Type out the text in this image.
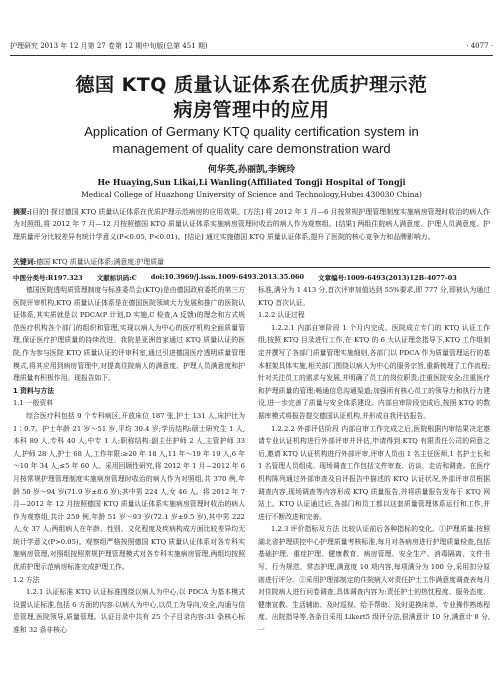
护理研究 2013 年 12 月第 27 卷第 12 期中旬版(总第 451 期)	· 4077 ·
德国 KTQ 质量认证体系在优质护理示范
病房管理中的应用
Application of Germany KTQ quality certification system in
management of quality care demonstration ward
何华英,孙丽凯,李婉玲
He Huaying,Sun Likai,Li Wanling(Affiliated Tongji Hospital of Tongji
Medical College of Huazhong University of Science and Technology,Hubei 430030 China)
摘要:[目的] 探讨德国 KTQ 质量认证体系在优质护理示范病房的应用效果。[方法] 将 2012 年 1 月—6 月按常规护理管理制度实施病房管理时收治的病人作为对照组,将 2012 年 7 月—12 月按照德国 KTQ 质量认证体系实施病房管理时收治的病人作为观察组。[结果] 两组住院病人满意度、护理人员满意度、护理质量评分比较差异有统计学意义(P<0.05, P<0.01)。[结论] 通过实施德国 KTQ 质量认证体系,提升了医院的核心竞争力和品牌影响力。
关键词:德国 KTQ 质量认证体系;满意度;护理质量
中图分类号:R197.323 文献标识码:C doi:10.3969/j.issn.1009-6493.2013.35.060 文章编号:1009-6493(2013)12B-4077-03

德国医院透明质管理制度与标准委员会(KTQ)是由德国政府委托的第三方医院评审机构,KTQ 质量认证体系是在德国医院领域大力发展和推广的医院认证体系,其实质就是以 PDCA(P 计划,D 实施,C 检查,A 反馈)的理念和方式规范医疗机构各个部门的组织和管理,实现以病人为中心的医疗机构全面质量管理,保证医疗护理质量的持续改进。我院是亚洲首家通过 KTQ 质量认证的医院,作为参与医院 KTQ 质量认证的评审科室,通过引进德国医疗透明质量管理模式,将其应用到病房管理中,对提高住院病人的满意度、护理人员满意度和护理质量有积极作用。现报告如下。

1 资料与方法

1.1 一般资料

综合医疗科包括 9 个专科病区,开放床位 187 张,护士 131 人,床护比为 1∶0.7。护士年龄 21 岁～51 岁,平均 30.4 岁;学历结构:硕士研究生 1 人,本科 89 人,专科 40 人,中专 1 人;职称结构:副主任护师 2 人,主管护师 33 人,护师 28 人,护士 68 人,工作年限:≥20 年 18 人,11 年～19 年 19 人,6 年～10 年 34 人,≤5 年 60 人。采用回顾性研究,将 2012 年 1 月—2012 年 6 月按常规护理管理制度实施病房管理时收治的病人作为对照组,共 370 例,年龄 50 岁～94 岁(71.9 岁±8.6 岁);其中男 224 人,女 46 人。将 2012 年 7 月—2012 年 12 月按照德国 KTQ 质量认证体系实施病房管理时收治的病人作为观察组,共计 259 例,年龄 51 岁～93 岁(72.1 岁±9.5 岁),其中男 222 人,女 37 人;两组病人在年龄、性别、文化程度及疾病构成方面比较差异均无统计学意义(P>0.05)。观察组严格按照德国 KTQ 质量认证体系对各专科实施病房管理,对照组按照常规护理管理模式对各专科实施病房管理,两组均按照优质护理示范病房标准完成护理工作。

1.2 方法

1.2.1 认证标准 KTQ 认证标准围绕以病人为中心,以 PDCA 为基本模式设置认证标准,包括 6 方面的内容:以病人为中心,以员工为导向,安全,沟通与信息管理,医院领导,质量管理。认证目录中共有 25 个子目录内容:31 条核心标准和 32 条非核心

标准,满分为 1 413 分,首次评审加值达到 55%要求,即 777 分,即被认为通过 KTQ 首次认证。

1.2.2 认证过程

1.2.2.1 内部自审阶段 1 个月内完成。医院成立专门的 KTQ 认证工作组,按照 KTQ 目录进行工作,在 KTQ 的 6 大认证理念指导下,KTQ 工作组制定并撰写了各部门质量管理实施细则,各部门以 PDCA 作为质量管理运行的基本框架具体实施,相关部门围绕以病人为中心的服务宗旨,重新梳理了工作流程;针对关注员工的需求与发展,并明确了员工的岗位职责;注重医院安全;注重医疗和护理质量的管理;畅通信息沟通渠道;加强所有核心员工的领导力和执行力建设,进一步完善了质量与安全体系建设。内部自审阶段完成后,按照 KTQ 的数据库模式将报告提交德国认证机构,并形成自我评估报告。

1.2.2.2 外部评估阶段 内部自审工作完成之后,医院根据内审结果决定邀请专业认证机构进行外部评审并评估,申请得到 KTQ 有限责任公司的同意之后,邀请 KTQ 认证机构进行外部评审,评审人员由 1 名主任医师,1 名护士长和 1 名管理人员组成。现场调查工作包括文件审查、访谈、走访和调查。在医疗机构陈列通过外部审查及自评报告中描述的 KTQ 认证状况,外部评审员根据调查内容,现场调查等内容形成 KTQ 质量报告,并将质量报告发布于 KTQ 网站上。KTQ 认证通过后,各部门和员工都以这套质量管理体系运行和工作,并进行不断改进和完善。

1.2.3 评价指标及方法 比较认证前后各种指标的变化。①护理质量:按照湖北省护理质控中心护理质量考核标准,每月对各病房进行护理质量检查,包括基础护理、重症护理、健康教育、病房管理、安全生产、消毒隔离、文件书写、行为规范、常态护理,满意度 10 项内容,每项满分为 100 分,采用扣分原则进行评分。②采用护理部制定的住院病人对责任护士工作满意度调查表每月对住院病人进行问卷调查,具体调查内容为:责任护士的热忱程度、服务态度、健康宣教、生活辅助、及时巡视、给予帮助、及时更换床单、专业操作熟练程度、出院指导等,各条目采用 Likert5 级评分法,很满意计 10 分,满意计 8 分,一
